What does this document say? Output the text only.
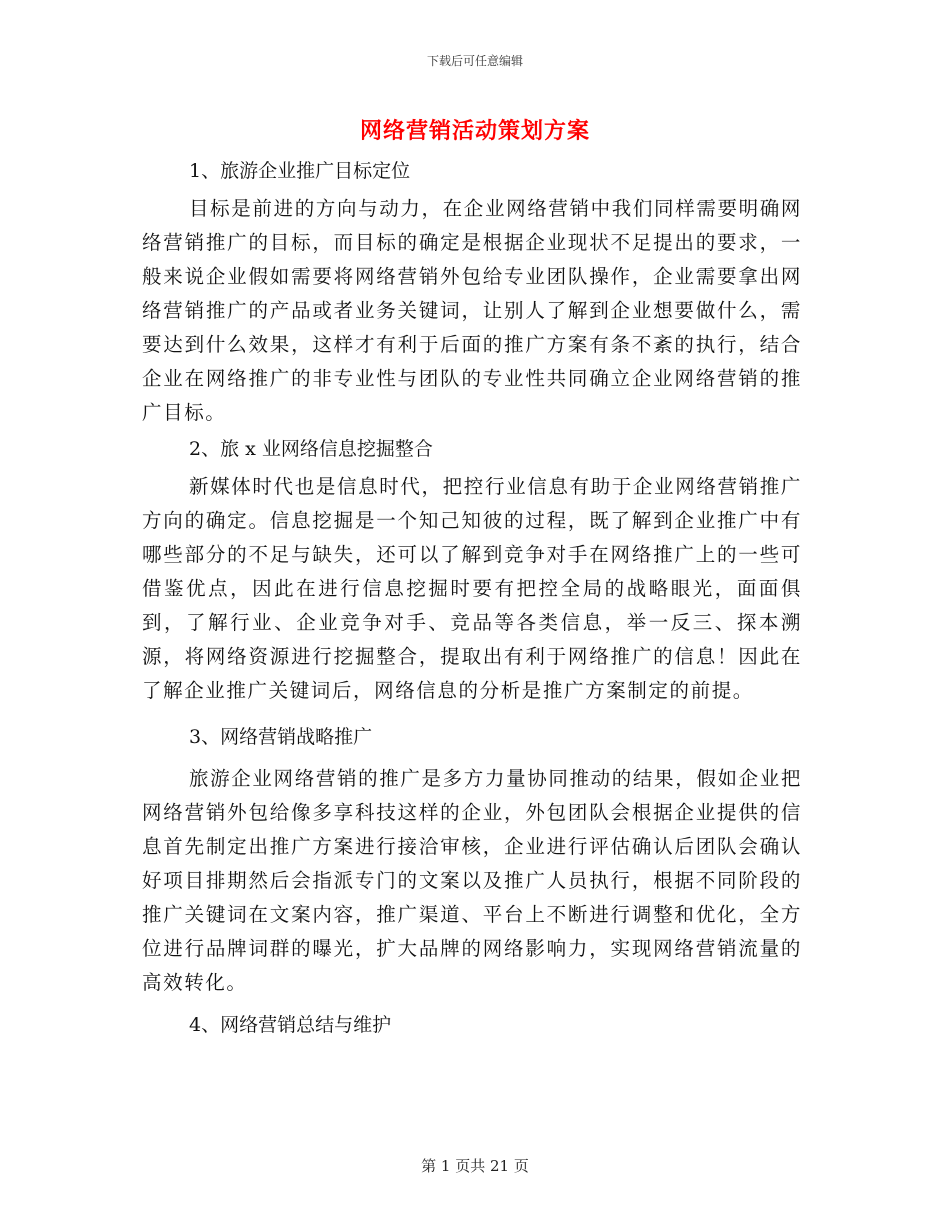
下载后可任意编辑
网络营销活动策划方案

1、旅游企业推广目标定位

目标是前进的方向与动力，在企业网络营销中我们同样需要明确网络营销推广的目标，而目标的确定是根据企业现状不足提出的要求，一般来说企业假如需要将网络营销外包给专业团队操作，企业需要拿出网络营销推广的产品或者业务关键词，让别人了解到企业想要做什么，需要达到什么效果，这样才有利于后面的推广方案有条不紊的执行，结合企业在网络推广的非专业性与团队的专业性共同确立企业网络营销的推广目标。

2、旅 x 业网络信息挖掘整合

新媒体时代也是信息时代，把控行业信息有助于企业网络营销推广方向的确定。信息挖掘是一个知己知彼的过程，既了解到企业推广中有哪些部分的不足与缺失，还可以了解到竞争对手在网络推广上的一些可借鉴优点，因此在进行信息挖掘时要有把控全局的战略眼光，面面俱到，了解行业、企业竞争对手、竞品等各类信息，举一反三、探本溯源，将网络资源进行挖掘整合，提取出有利于网络推广的信息！因此在了解企业推广关键词后，网络信息的分析是推广方案制定的前提。

3、网络营销战略推广

旅游企业网络营销的推广是多方力量协同推动的结果，假如企业把网络营销外包给像多享科技这样的企业，外包团队会根据企业提供的信息首先制定出推广方案进行接洽审核，企业进行评估确认后团队会确认好项目排期然后会指派专门的文案以及推广人员执行，根据不同阶段的推广关键词在文案内容，推广渠道、平台上不断进行调整和优化，全方位进行品牌词群的曝光，扩大品牌的网络影响力，实现网络营销流量的高效转化。

4、网络营销总结与维护

第 1 页共 21 页
